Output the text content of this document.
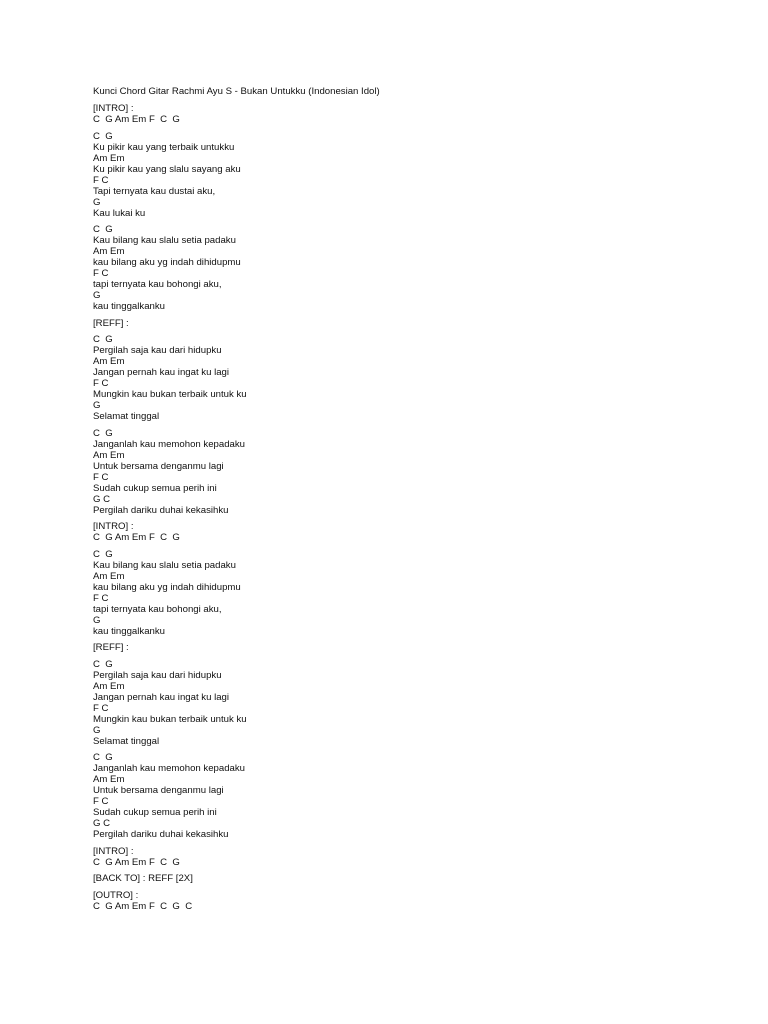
Kunci Chord Gitar Rachmi Ayu S - Bukan Untukku (Indonesian Idol)
[INTRO] :
C  G Am Em F  C  G
C  G
Ku pikir kau yang terbaik untukku
Am Em
Ku pikir kau yang slalu sayang aku
F C
Tapi ternyata kau dustai aku,
G
Kau lukai ku
C  G
Kau bilang kau slalu setia padaku
Am Em
kau bilang aku yg indah dihidupmu
F C
tapi ternyata kau bohongi aku,
G
kau tinggalkanku
[REFF] :
C  G
Pergilah saja kau dari hidupku
Am Em
Jangan pernah kau ingat ku lagi
F C
Mungkin kau bukan terbaik untuk ku
G
Selamat tinggal
C  G
Janganlah kau memohon kepadaku
Am Em
Untuk bersama denganmu lagi
F C
Sudah cukup semua perih ini
G C
Pergilah dariku duhai kekasihku
[INTRO] :
C  G Am Em F  C  G
C  G
Kau bilang kau slalu setia padaku
Am Em
kau bilang aku yg indah dihidupmu
F C
tapi ternyata kau bohongi aku,
G
kau tinggalkanku
[REFF] :
C  G
Pergilah saja kau dari hidupku
Am Em
Jangan pernah kau ingat ku lagi
F C
Mungkin kau bukan terbaik untuk ku
G
Selamat tinggal
C  G
Janganlah kau memohon kepadaku
Am Em
Untuk bersama denganmu lagi
F C
Sudah cukup semua perih ini
G C
Pergilah dariku duhai kekasihku
[INTRO] :
C  G Am Em F  C  G
[BACK TO] : REFF [2X]
[OUTRO] :
C  G Am Em F  C  G  C
